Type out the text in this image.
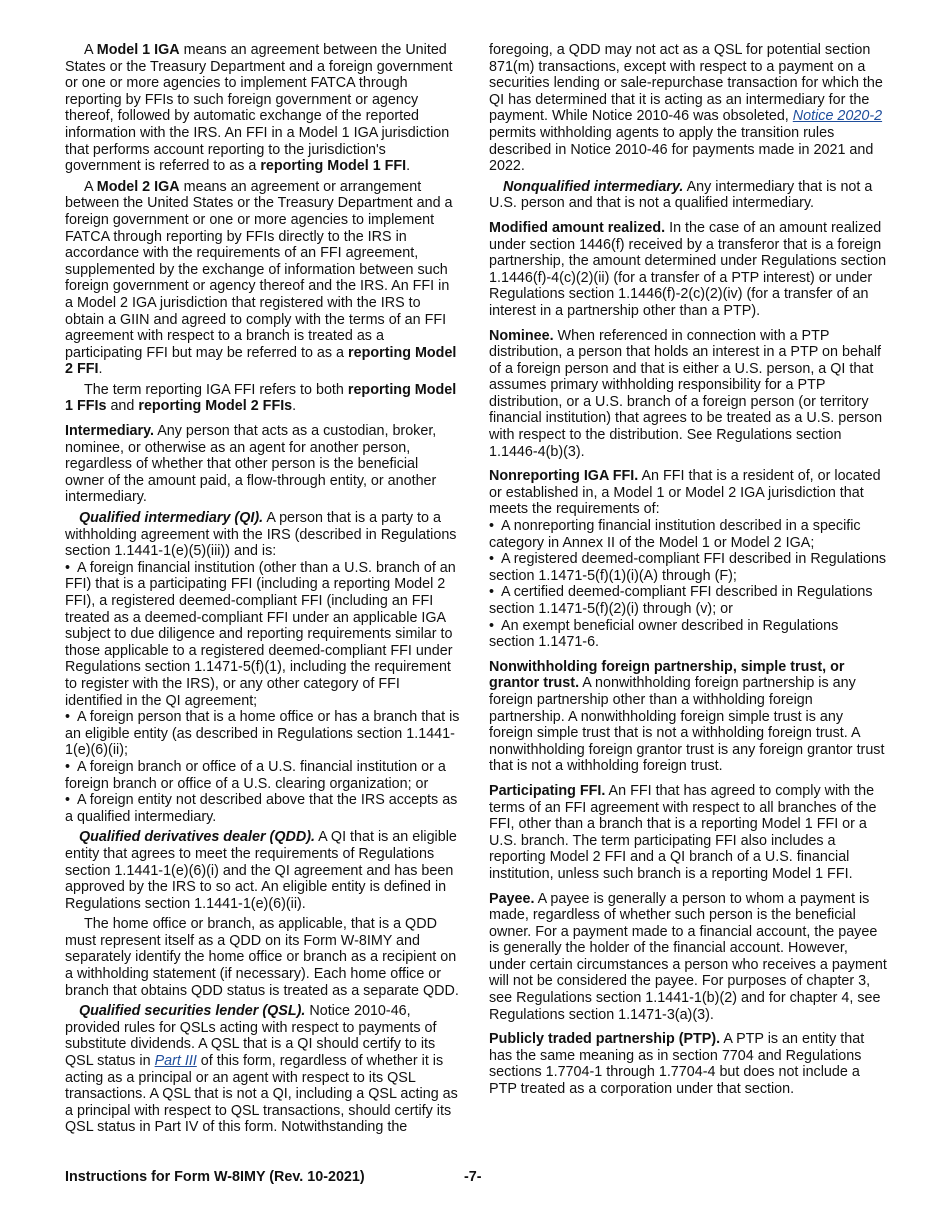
A Model 1 IGA means an agreement between the United States or the Treasury Department and a foreign government or one or more agencies to implement FATCA through reporting by FFIs to such foreign government or agency thereof, followed by automatic exchange of the reported information with the IRS. An FFI in a Model 1 IGA jurisdiction that performs account reporting to the jurisdiction's government is referred to as a reporting Model 1 FFI.

A Model 2 IGA means an agreement or arrangement between the United States or the Treasury Department and a foreign government or one or more agencies to implement FATCA through reporting by FFIs directly to the IRS in accordance with the requirements of an FFI agreement, supplemented by the exchange of information between such foreign government or agency thereof and the IRS. An FFI in a Model 2 IGA jurisdiction that registered with the IRS to obtain a GIIN and agreed to comply with the terms of an FFI agreement with respect to a branch is treated as a participating FFI but may be referred to as a reporting Model 2 FFI.

The term reporting IGA FFI refers to both reporting Model 1 FFIs and reporting Model 2 FFIs.

Intermediary. Any person that acts as a custodian, broker, nominee, or otherwise as an agent for another person, regardless of whether that other person is the beneficial owner of the amount paid, a flow-through entity, or another intermediary.

Qualified intermediary (QI). A person that is a party to a withholding agreement with the IRS (described in Regulations section 1.1441-1(e)(5)(iii)) and is:

• A foreign financial institution (other than a U.S. branch of an FFI) that is a participating FFI (including a reporting Model 2 FFI), a registered deemed-compliant FFI (including an FFI treated as a deemed-compliant FFI under an applicable IGA subject to due diligence and reporting requirements similar to those applicable to a registered deemed-compliant FFI under Regulations section 1.1471-5(f)(1), including the requirement to register with the IRS), or any other category of FFI identified in the QI agreement;

• A foreign person that is a home office or has a branch that is an eligible entity (as described in Regulations section 1.1441-1(e)(6)(ii);

• A foreign branch or office of a U.S. financial institution or a foreign branch or office of a U.S. clearing organization; or

• A foreign entity not described above that the IRS accepts as a qualified intermediary.

Qualified derivatives dealer (QDD). A QI that is an eligible entity that agrees to meet the requirements of Regulations section 1.1441-1(e)(6)(i) and the QI agreement and has been approved by the IRS to so act. An eligible entity is defined in Regulations section 1.1441-1(e)(6)(ii).

The home office or branch, as applicable, that is a QDD must represent itself as a QDD on its Form W-8IMY and separately identify the home office or branch as a recipient on a withholding statement (if necessary). Each home office or branch that obtains QDD status is treated as a separate QDD.

Qualified securities lender (QSL). Notice 2010-46, provided rules for QSLs acting with respect to payments of substitute dividends. A QSL that is a QI should certify to its QSL status in Part III of this form, regardless of whether it is acting as a principal or an agent with respect to its QSL transactions. A QSL that is not a QI, including a QSL acting as a principal with respect to QSL transactions, should certify its QSL status in Part IV of this form. Notwithstanding the

foregoing, a QDD may not act as a QSL for potential section 871(m) transactions, except with respect to a payment on a securities lending or sale-repurchase transaction for which the QI has determined that it is acting as an intermediary for the payment. While Notice 2010-46 was obsoleted, Notice 2020-2 permits withholding agents to apply the transition rules described in Notice 2010-46 for payments made in 2021 and 2022.

Nonqualified intermediary. Any intermediary that is not a U.S. person and that is not a qualified intermediary.

Modified amount realized. In the case of an amount realized under section 1446(f) received by a transferor that is a foreign partnership, the amount determined under Regulations section 1.1446(f)-4(c)(2)(ii) (for a transfer of a PTP interest) or under Regulations section 1.1446(f)-2(c)(2)(iv) (for a transfer of an interest in a partnership other than a PTP).

Nominee. When referenced in connection with a PTP distribution, a person that holds an interest in a PTP on behalf of a foreign person and that is either a U.S. person, a QI that assumes primary withholding responsibility for a PTP distribution, or a U.S. branch of a foreign person (or territory financial institution) that agrees to be treated as a U.S. person with respect to the distribution. See Regulations section 1.1446-4(b)(3).

Nonreporting IGA FFI. An FFI that is a resident of, or located or established in, a Model 1 or Model 2 IGA jurisdiction that meets the requirements of:

• A nonreporting financial institution described in a specific category in Annex II of the Model 1 or Model 2 IGA;

• A registered deemed-compliant FFI described in Regulations section 1.1471-5(f)(1)(i)(A) through (F);

• A certified deemed-compliant FFI described in Regulations section 1.1471-5(f)(2)(i) through (v); or

• An exempt beneficial owner described in Regulations section 1.1471-6.

Nonwithholding foreign partnership, simple trust, or grantor trust. A nonwithholding foreign partnership is any foreign partnership other than a withholding foreign partnership. A nonwithholding foreign simple trust is any foreign simple trust that is not a withholding foreign trust. A nonwithholding foreign grantor trust is any foreign grantor trust that is not a withholding foreign trust.

Participating FFI. An FFI that has agreed to comply with the terms of an FFI agreement with respect to all branches of the FFI, other than a branch that is a reporting Model 1 FFI or a U.S. branch. The term participating FFI also includes a reporting Model 2 FFI and a QI branch of a U.S. financial institution, unless such branch is a reporting Model 1 FFI.

Payee. A payee is generally a person to whom a payment is made, regardless of whether such person is the beneficial owner. For a payment made to a financial account, the payee is generally the holder of the financial account. However, under certain circumstances a person who receives a payment will not be considered the payee. For purposes of chapter 3, see Regulations section 1.1441-1(b)(2) and for chapter 4, see Regulations section 1.1471-3(a)(3).

Publicly traded partnership (PTP). A PTP is an entity that has the same meaning as in section 7704 and Regulations sections 1.7704-1 through 1.7704-4 but does not include a PTP treated as a corporation under that section.

Instructions for Form W-8IMY (Rev. 10-2021)	-7-
